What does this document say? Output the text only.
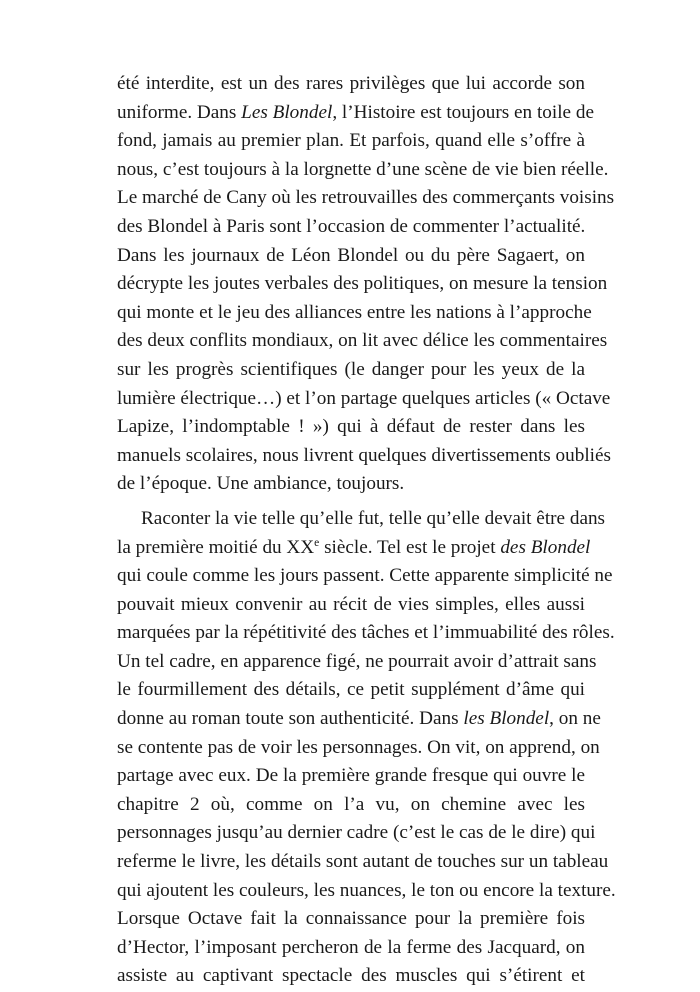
été interdite, est un des rares privilèges que lui accorde son
uniforme. Dans Les Blondel, l’Histoire est toujours en toile de
fond, jamais au premier plan. Et parfois, quand elle s’offre à
nous, c’est toujours à la lorgnette d’une scène de vie bien réelle.
Le marché de Cany où les retrouvailles des commerçants voisins
des Blondel à Paris sont l’occasion de commenter l’actualité.
Dans les journaux de Léon Blondel ou du père Sagaert, on
décrypte les joutes verbales des politiques, on mesure la tension
qui monte et le jeu des alliances entre les nations à l’approche
des deux conflits mondiaux, on lit avec délice les commentaires
sur les progrès scientifiques (le danger pour les yeux de la
lumière électrique…) et l’on partage quelques articles (« Octave
Lapize, l’indomptable ! ») qui à défaut de rester dans les
manuels scolaires, nous livrent quelques divertissements oubliés
de l’époque. Une ambiance, toujours.
Raconter la vie telle qu’elle fut, telle qu’elle devait être dans
la première moitié du XXe siècle. Tel est le projet des Blondel
qui coule comme les jours passent. Cette apparente simplicité ne
pouvait mieux convenir au récit de vies simples, elles aussi
marquées par la répétitivité des tâches et l’immuabilité des rôles.
Un tel cadre, en apparence figé, ne pourrait avoir d’attrait sans
le fourmillement des détails, ce petit supplément d’âme qui
donne au roman toute son authenticité. Dans les Blondel, on ne
se contente pas de voir les personnages. On vit, on apprend, on
partage avec eux. De la première grande fresque qui ouvre le
chapitre 2 où, comme on l’a vu, on chemine avec les
personnages jusqu’au dernier cadre (c’est le cas de le dire) qui
referme le livre, les détails sont autant de touches sur un tableau
qui ajoutent les couleurs, les nuances, le ton ou encore la texture.
Lorsque Octave fait la connaissance pour la première fois
d’Hector, l’imposant percheron de la ferme des Jacquard, on
assiste au captivant spectacle des muscles qui s’étirent et
